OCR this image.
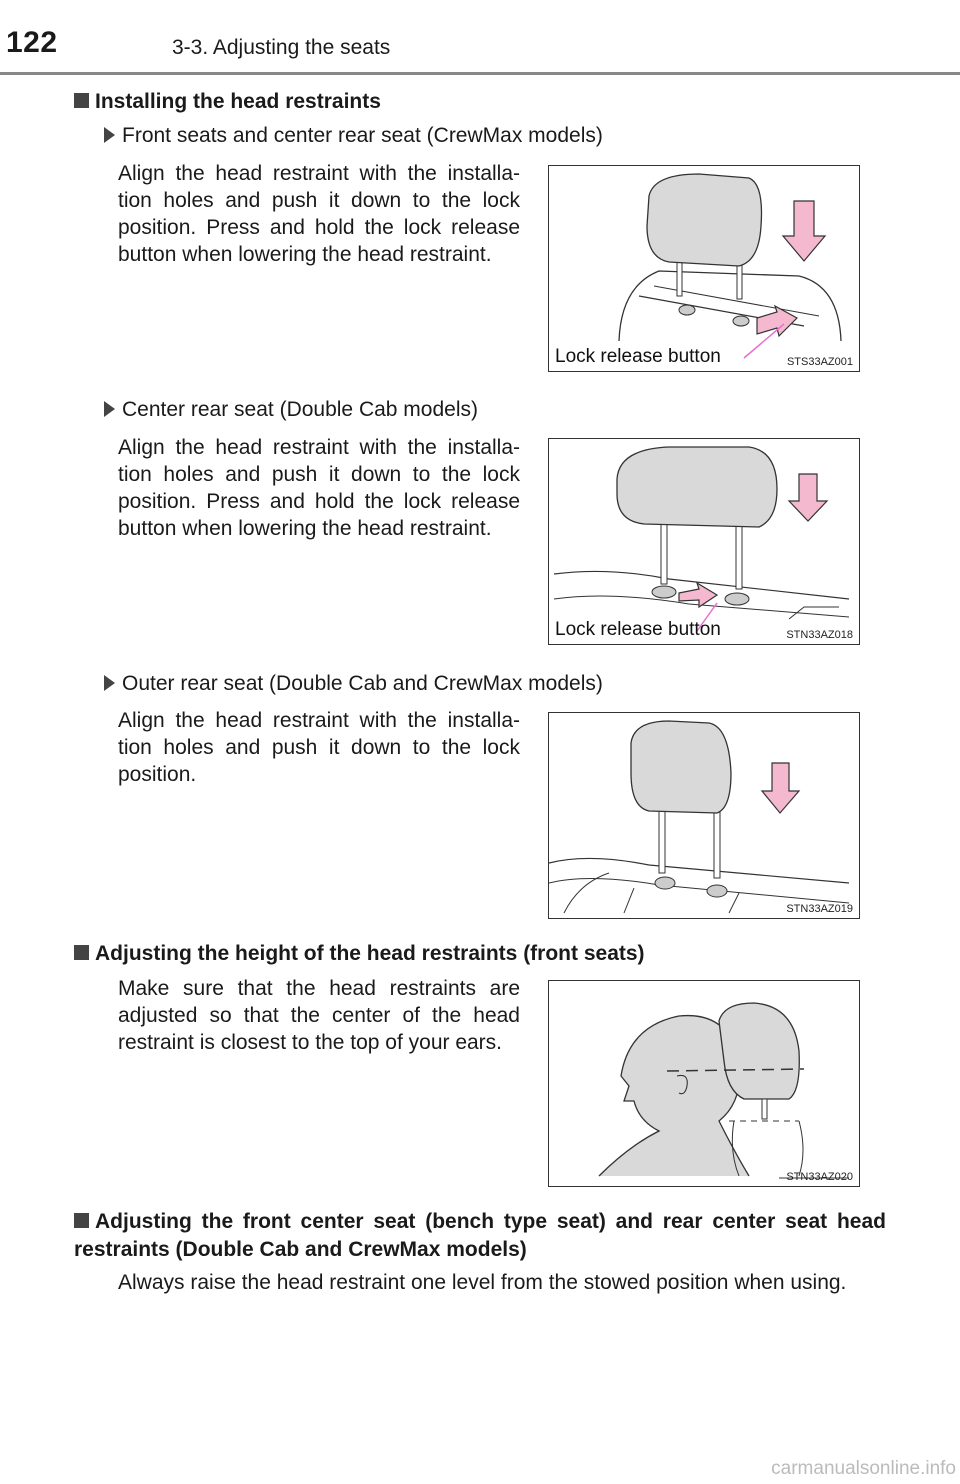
122	3-3. Adjusting the seats
Installing the head restraints
Front seats and center rear seat (CrewMax models)
Align the head restraint with the installa-tion holes and push it down to the lock position. Press and hold the lock release button when lowering the head restraint.
Lock release button	STS33AZ001
Center rear seat (Double Cab models)
Align the head restraint with the installa-tion holes and push it down to the lock position. Press and hold the lock release button when lowering the head restraint.
Lock release button	STN33AZ018
Outer rear seat (Double Cab and CrewMax models)
Align the head restraint with the installa-tion holes and push it down to the lock position.
STN33AZ019
Adjusting the height of the head restraints (front seats)
Make sure that the head restraints are adjusted so that the center of the head restraint is closest to the top of your ears.
STN33AZ020
Adjusting the front center seat (bench type seat) and rear center seat head restraints (Double Cab and CrewMax models)
Always raise the head restraint one level from the stowed position when using.
carmanualsonline.info
